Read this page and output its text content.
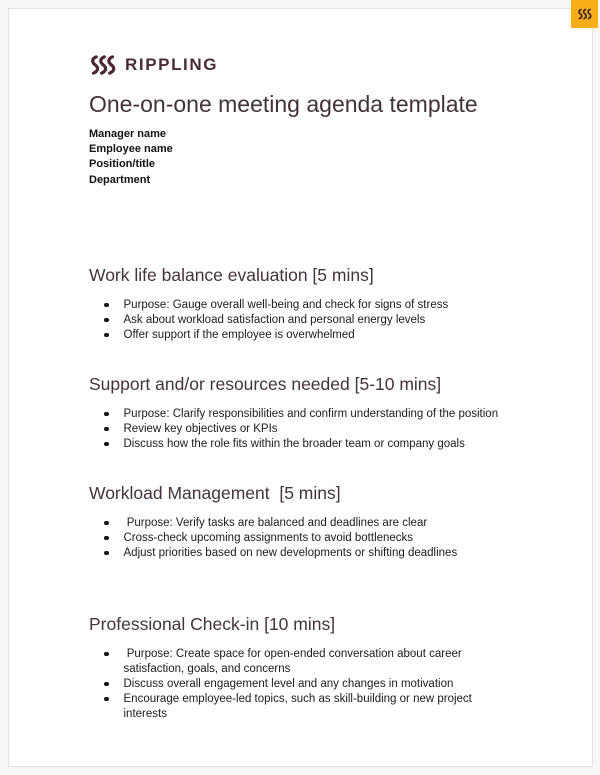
RIPPLING
One-on-one meeting agenda template
Manager name
Employee name
Position/title
Department
Work life balance evaluation [5 mins]
Purpose: Gauge overall well-being and check for signs of stress
Ask about workload satisfaction and personal energy levels
Offer support if the employee is overwhelmed
Support and/or resources needed [5-10 mins]
Purpose: Clarify responsibilities and confirm understanding of the position
Review key objectives or KPIs
Discuss how the role fits within the broader team or company goals
Workload Management  [5 mins]
Purpose: Verify tasks are balanced and deadlines are clear
Cross-check upcoming assignments to avoid bottlenecks
Adjust priorities based on new developments or shifting deadlines
Professional Check-in [10 mins]
Purpose: Create space for open-ended conversation about career satisfaction, goals, and concerns
Discuss overall engagement level and any changes in motivation
Encourage employee-led topics, such as skill-building or new project interests
